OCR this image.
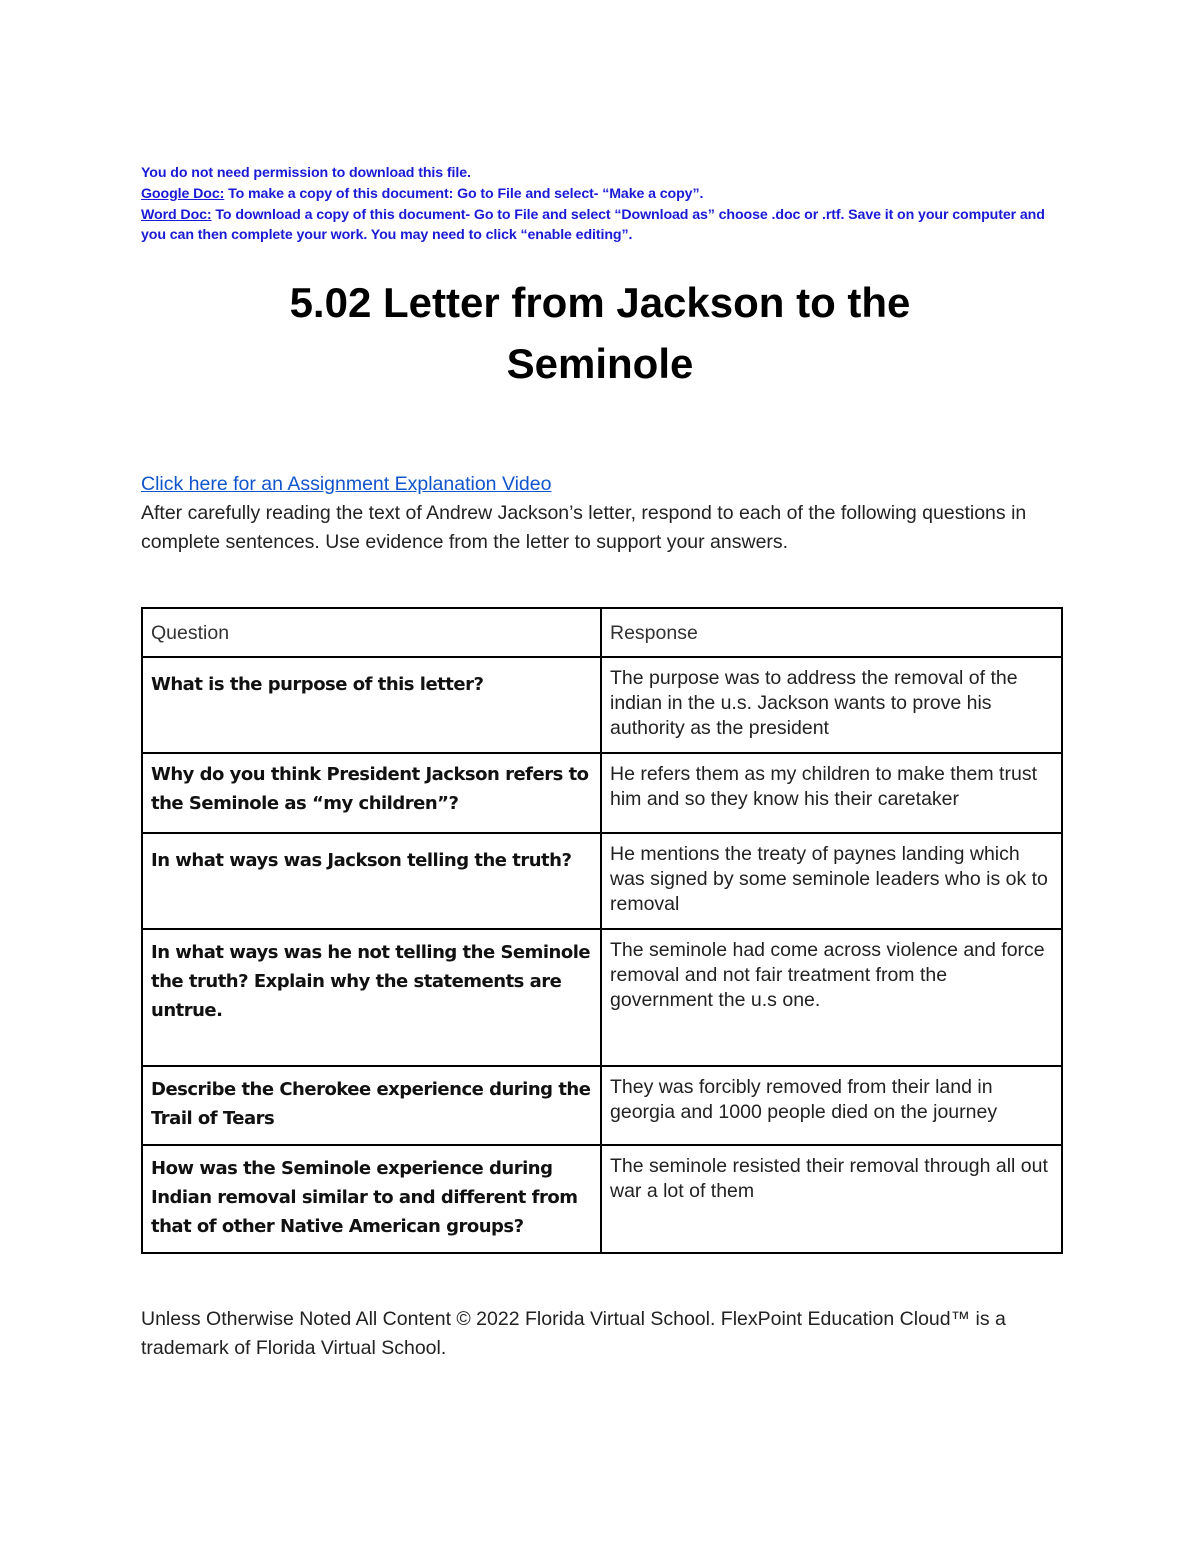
You do not need permission to download this file.

Google Doc: To make a copy of this document: Go to File and select- “Make a copy”.

Word Doc: To download a copy of this document- Go to File and select “Download as” choose .doc or .rtf. Save it on your computer and you can then complete your work. You may need to click “enable editing”.

5.02 Letter from Jackson to the
Seminole
Click here for an Assignment Explanation Video
After carefully reading the text of Andrew Jackson’s letter, respond to each of the following questions in complete sentences. Use evidence from the letter to support your answers.
Question	Response
What is the purpose of this letter?	The purpose was to address the removal of the indian in the u.s. Jackson wants to prove his authority as the president
Why do you think President Jackson refers to the Seminole as “my children”?	He refers them as my children to make them trust him and so they know his their caretaker
In what ways was Jackson telling the truth?	He mentions the treaty of paynes landing which was signed by some seminole leaders who is ok to removal
In what ways was he not telling the Seminole the truth? Explain why the statements are untrue.	The seminole had come across violence and force removal and not fair treatment from the government the u.s one.
Describe the Cherokee experience during the Trail of Tears	They was forcibly removed from their land in georgia and 1000 people died on the journey
How was the Seminole experience during Indian removal similar to and different from that of other Native American groups?	The seminole resisted their removal through all out war a lot of them
Unless Otherwise Noted All Content © 2022 Florida Virtual School. FlexPoint Education Cloud™ is a trademark of Florida Virtual School.
